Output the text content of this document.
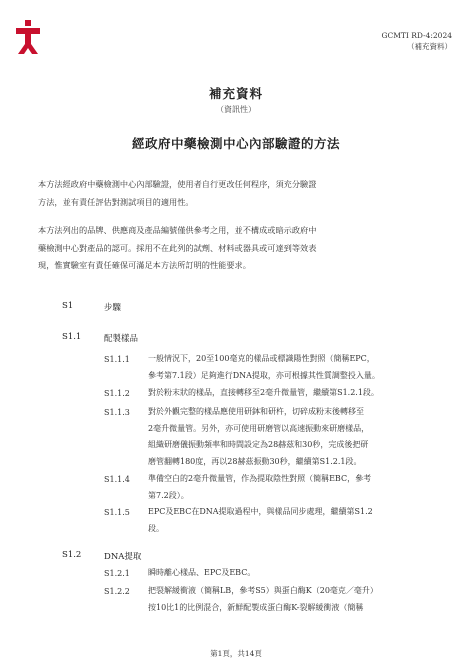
GCMTI RD-4:2024
（補充資料）
補充資料
（資訊性）
經政府中藥檢測中心內部驗證的方法
本方法經政府中藥檢測中心內部驗證，使用者自行更改任何程序，須充分驗證
方法，並有責任評估對測試項目的適用性。
本方法列出的品牌、供應商及產品編號僅供參考之用，並不構成或暗示政府中
藥檢測中心對產品的認可。採用不在此列的試劑、材料或器具或可達到等效表
現，惟實驗室有責任確保可滿足本方法所訂明的性能要求。
S1	步驟
S1.1	配製樣品
S1.1.1 一般情況下，20至100毫克的樣品或標識陽性對照（簡稱EPC，
參考第7.1段）足夠進行DNA提取，亦可根據其性質調整投入量。
S1.1.2 對於粉末狀的樣品，直接轉移至2毫升微量管，繼續第S1.2.1段。
S1.1.3 對於外觀完整的樣品應使用研鉢和研杵，切碎成粉末後轉移至
2毫升微量管。另外，亦可使用研磨管以高速振動來研磨樣品，
組織研磨儀振動頻率和時間設定為28赫茲和30秒，完成後把研
磨管翻轉180度，再以28赫茲振動30秒，繼續第S1.2.1段。
S1.1.4 準備空白的2毫升微量管，作為提取陰性對照（簡稱EBC，參考
第7.2段）。
S1.1.5 EPC及EBC在DNA提取過程中，與樣品同步處理，繼續第S1.2
段。
S1.2	DNA提取
S1.2.1 瞬時離心樣品、EPC及EBC。
S1.2.2 把裂解緩衝液（簡稱LB，參考S5）與蛋白酶K（20毫克／毫升）
按10比1的比例混合，新鮮配製成蛋白酶K-裂解緩衝液（簡稱
第1頁，共14頁
